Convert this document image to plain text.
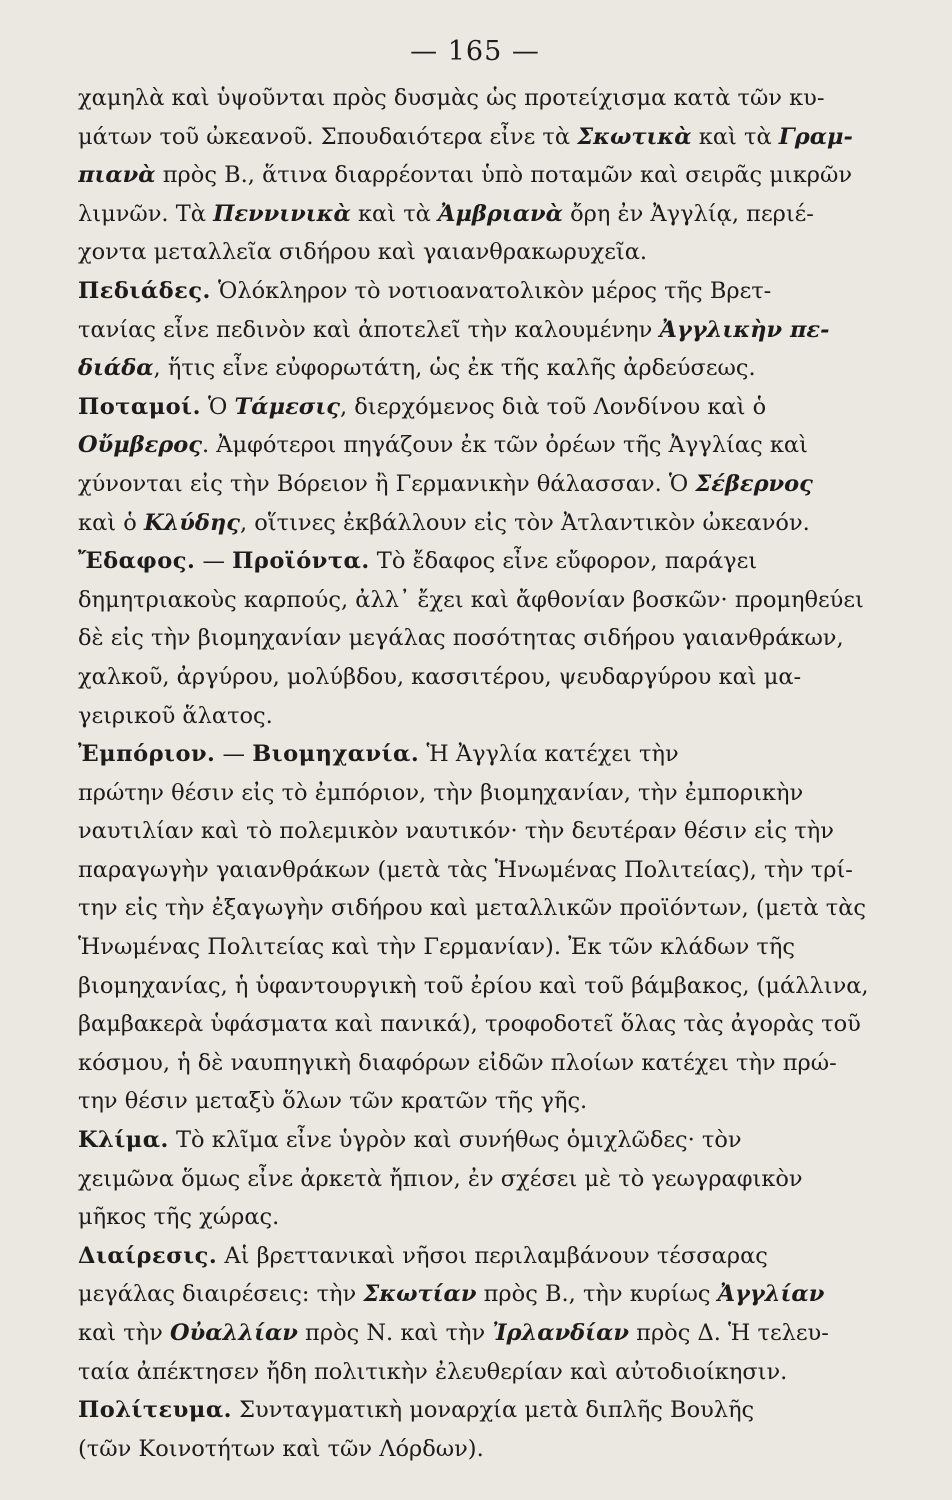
— 165 —
χαμηλὰ καὶ ὑψοῦνται πρὸς δυσμὰς ὡς προτείχισμα κατὰ τῶν κυ-
μάτων τοῦ ὠκεανοῦ. Σπουδαιότερα εἶνε τὰ Σκωτικὰ καὶ τὰ Γραμ-
πιανὰ πρὸς Β., ἅτινα διαρρέονται ὑπὸ ποταμῶν καὶ σειρᾶς μικρῶν
λιμνῶν. Τὰ Πεννινικὰ καὶ τὰ Ἀμβριανὰ ὄρη ἐν Ἀγγλίᾳ, περιέ-
χοντα μεταλλεῖα σιδήρου καὶ γαιανθρακωρυχεῖα.
Πεδιάδες. Ὁλόκληρον τὸ νοτιοανατολικὸν μέρος τῆς Βρετ-
τανίας εἶνε πεδινὸν καὶ ἀποτελεῖ τὴν καλουμένην Ἀγγλικὴν πε-
διάδα, ἥτις εἶνε εὐφορωτάτη, ὡς ἐκ τῆς καλῆς ἀρδεύσεως.
Ποταμοί. Ὁ Τάμεσις, διερχόμενος διὰ τοῦ Λονδίνου καὶ ὁ
Οὔμβερος. Ἀμφότεροι πηγάζουν ἐκ τῶν ὀρέων τῆς Ἀγγλίας καὶ
χύνονται εἰς τὴν Βόρειον ἢ Γερμανικὴν θάλασσαν. Ὁ Σέβερνος
καὶ ὁ Κλύδης, οἵτινες ἐκβάλλουν εἰς τὸν Ἀτλαντικὸν ὠκεανόν.
Ἔδαφος. — Προϊόντα. Τὸ ἔδαφος εἶνε εὔφορον, παράγει
δημητριακοὺς καρπούς, ἀλλ᾽ ἔχει καὶ ἄφθονίαν βοσκῶν· προμηθεύει
δὲ εἰς τὴν βιομηχανίαν μεγάλας ποσότητας σιδήρου γαιανθράκων,
χαλκοῦ, ἀργύρου, μολύβδου, κασσιτέρου, ψευδαργύρου καὶ μα-
γειρικοῦ ἅλατος.
Ἐμπόριον. — Βιομηχανία. Ἡ Ἀγγλία κατέχει τὴν
πρώτην θέσιν εἰς τὸ ἐμπόριον, τὴν βιομηχανίαν, τὴν ἐμπορικὴν
ναυτιλίαν καὶ τὸ πολεμικὸν ναυτικόν· τὴν δευτέραν θέσιν εἰς τὴν
παραγωγὴν γαιανθράκων (μετὰ τὰς Ἡνωμένας Πολιτείας), τὴν τρί-
την εἰς τὴν ἐξαγωγὴν σιδήρου καὶ μεταλλικῶν προϊόντων, (μετὰ τὰς
Ἡνωμένας Πολιτείας καὶ τὴν Γερμανίαν). Ἐκ τῶν κλάδων τῆς
βιομηχανίας, ἡ ὑφαντουργικὴ τοῦ ἐρίου καὶ τοῦ βάμβακος, (μάλλινα,
βαμβακερὰ ὑφάσματα καὶ πανικά), τροφοδοτεῖ ὅλας τὰς ἀγορὰς τοῦ
κόσμου, ἡ δὲ ναυπηγικὴ διαφόρων εἰδῶν πλοίων κατέχει τὴν πρώ-
την θέσιν μεταξὺ ὅλων τῶν κρατῶν τῆς γῆς.
Κλίμα. Τὸ κλῖμα εἶνε ὑγρὸν καὶ συνήθως ὁμιχλῶδες· τὸν
χειμῶνα ὅμως εἶνε ἀρκετὰ ἤπιον, ἐν σχέσει μὲ τὸ γεωγραφικὸν
μῆκος τῆς χώρας.
Διαίρεσις. Αἱ βρεττανικαὶ νῆσοι περιλαμβάνουν τέσσαρας
μεγάλας διαιρέσεις: τὴν Σκωτίαν πρὸς Β., τὴν κυρίως Ἀγγλίαν
καὶ τὴν Οὐαλλίαν πρὸς Ν. καὶ τὴν Ἰρλανδίαν πρὸς Δ. Ἡ τελευ-
ταία ἀπέκτησεν ἤδη πολιτικὴν ἐλευθερίαν καὶ αὐτοδιοίκησιν.
Πολίτευμα. Συνταγματικὴ μοναρχία μετὰ διπλῆς Βουλῆς
(τῶν Κοινοτήτων καὶ τῶν Λόρδων).
